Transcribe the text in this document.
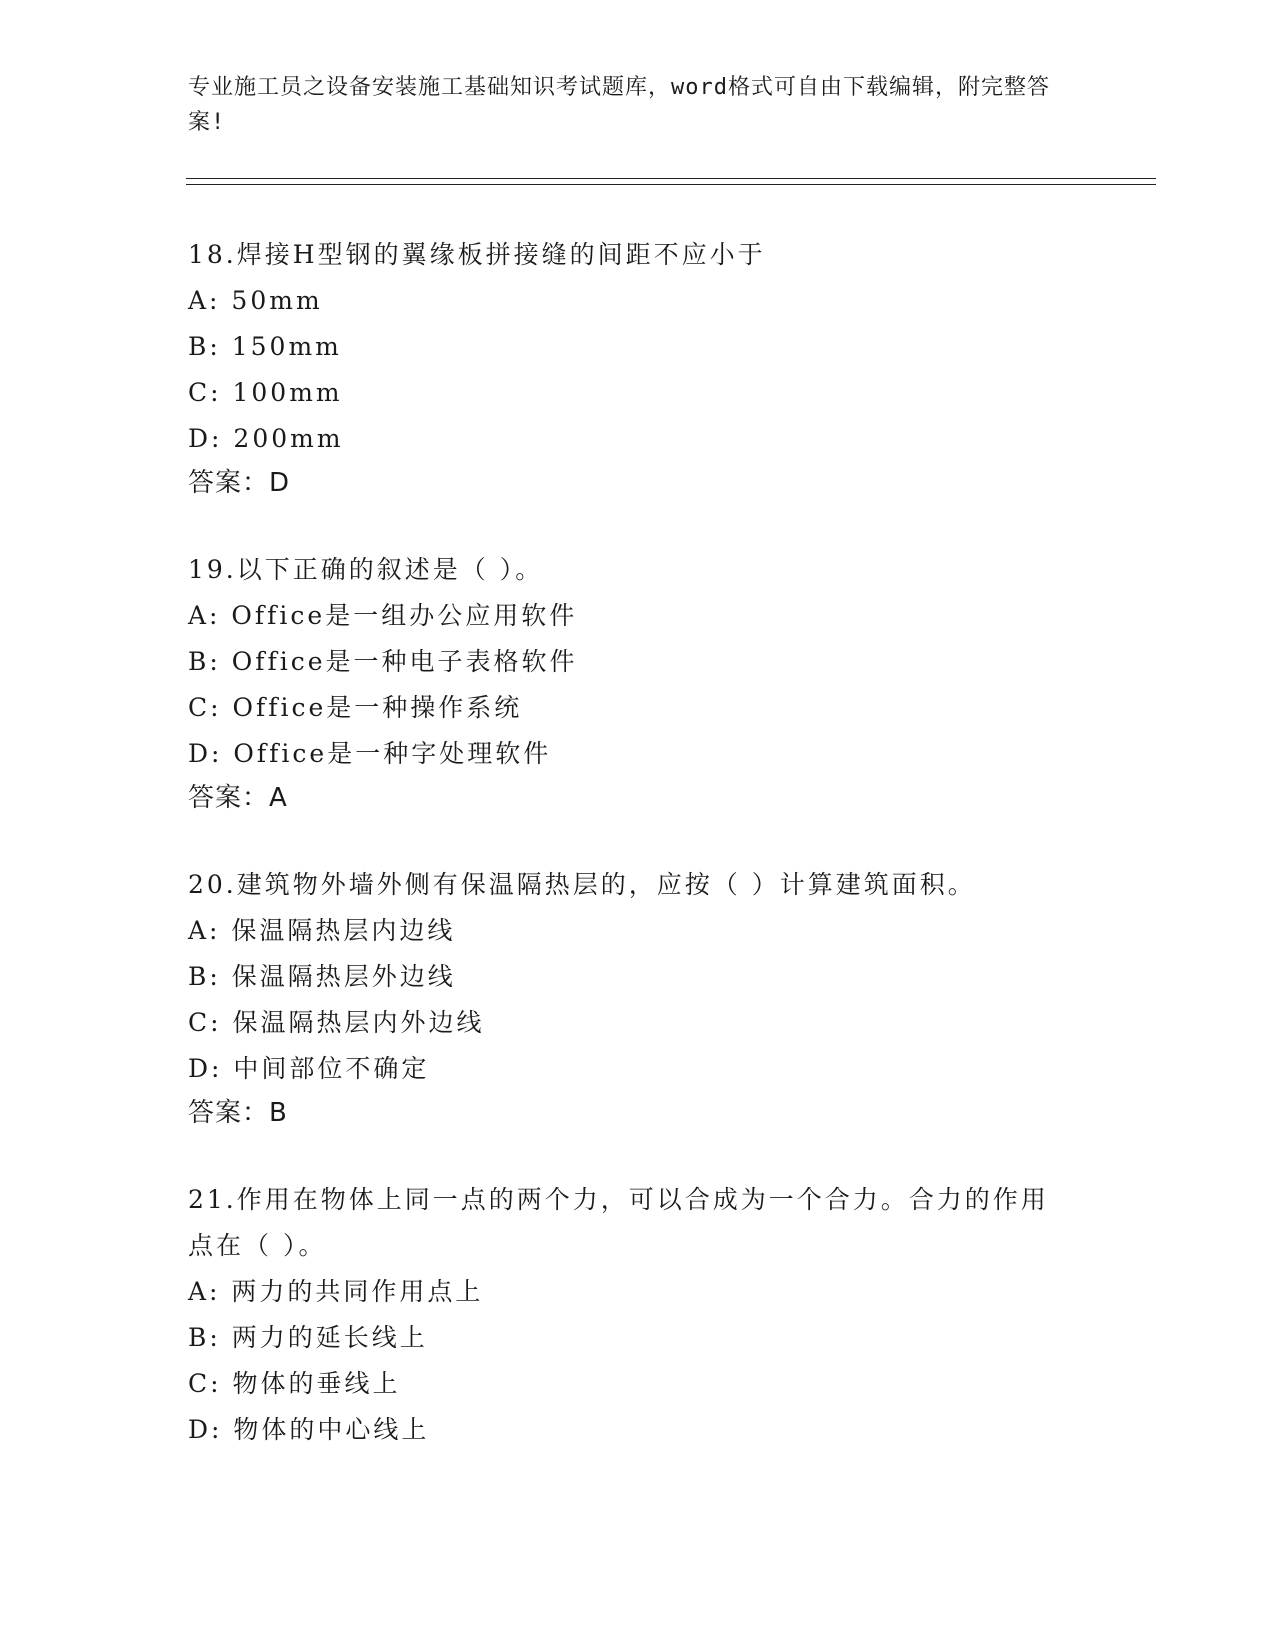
专业施工员之设备安装施工基础知识考试题库，word格式可自由下载编辑，附完整答案!
18.焊接H型钢的翼缘板拼接缝的间距不应小于
A: 50mm
B: 150mm
C: 100mm
D: 200mm
答案：D
19.以下正确的叙述是（ ）。
A: Office是一组办公应用软件
B: Office是一种电子表格软件
C: Office是一种操作系统
D: Office是一种字处理软件
答案：A
20.建筑物外墙外侧有保温隔热层的，应按（ ）计算建筑面积。
A: 保温隔热层内边线
B: 保温隔热层外边线
C: 保温隔热层内外边线
D: 中间部位不确定
答案：B
21.作用在物体上同一点的两个力，可以合成为一个合力。合力的作用点在（ ）。
A: 两力的共同作用点上
B: 两力的延长线上
C: 物体的垂线上
D: 物体的中心线上
